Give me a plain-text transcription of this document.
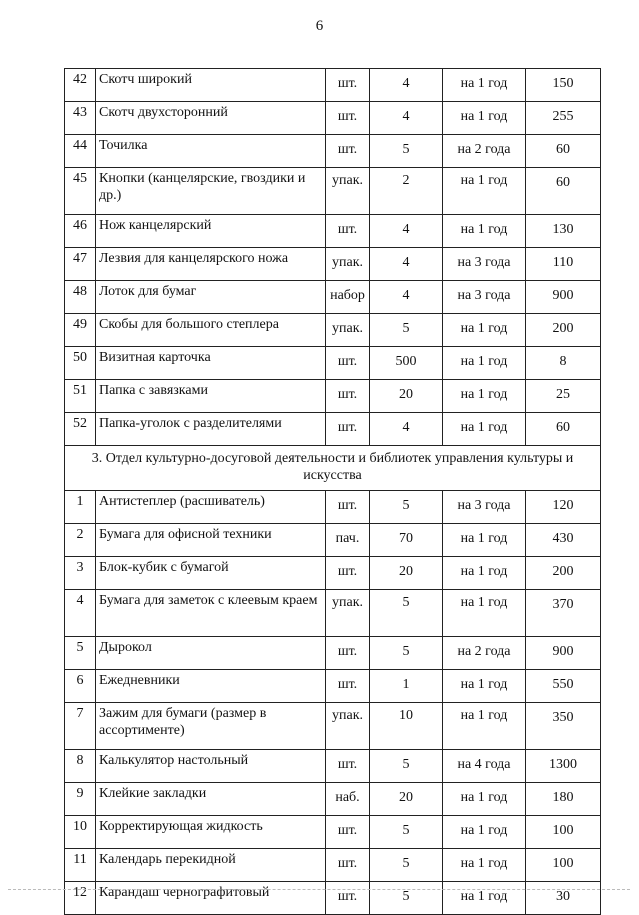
6
42	Скотч широкий	шт.	4	на 1 год	150
43	Скотч двухсторонний	шт.	4	на 1 год	255
44	Точилка	шт.	5	на 2 года	60
45	Кнопки (канцелярские, гвоздики и др.)	упак.	2	на 1 год	60
46	Нож канцелярский	шт.	4	на 1 год	130
47	Лезвия для канцелярского ножа	упак.	4	на 3 года	110
48	Лоток для бумаг	набор	4	на 3 года	900
49	Скобы для большого степлера	упак.	5	на 1 год	200
50	Визитная карточка	шт.	500	на 1 год	8
51	Папка с завязками	шт.	20	на 1 год	25
52	Папка-уголок с разделителями	шт.	4	на 1 год	60
3. Отдел культурно-досуговой деятельности и библиотек управления культуры и искусства					
1	Антистеплер (расшиватель)	шт.	5	на 3 года	120
2	Бумага для офисной техники	пач.	70	на 1 год	430
3	Блок-кубик с бумагой	шт.	20	на 1 год	200
4	Бумага для заметок с клеевым краем	упак.	5	на 1 год	370
5	Дырокол	шт.	5	на 2 года	900
6	Ежедневники	шт.	1	на 1 год	550
7	Зажим для бумаги (размер в ассортименте)	упак.	10	на 1 год	350
8	Калькулятор настольный	шт.	5	на 4 года	1300
9	Клейкие закладки	наб.	20	на 1 год	180
10	Корректирующая жидкость	шт.	5	на 1 год	100
11	Календарь перекидной	шт.	5	на 1 год	100
12	Карандаш чернографитовый	шт.	5	на 1 год	30
